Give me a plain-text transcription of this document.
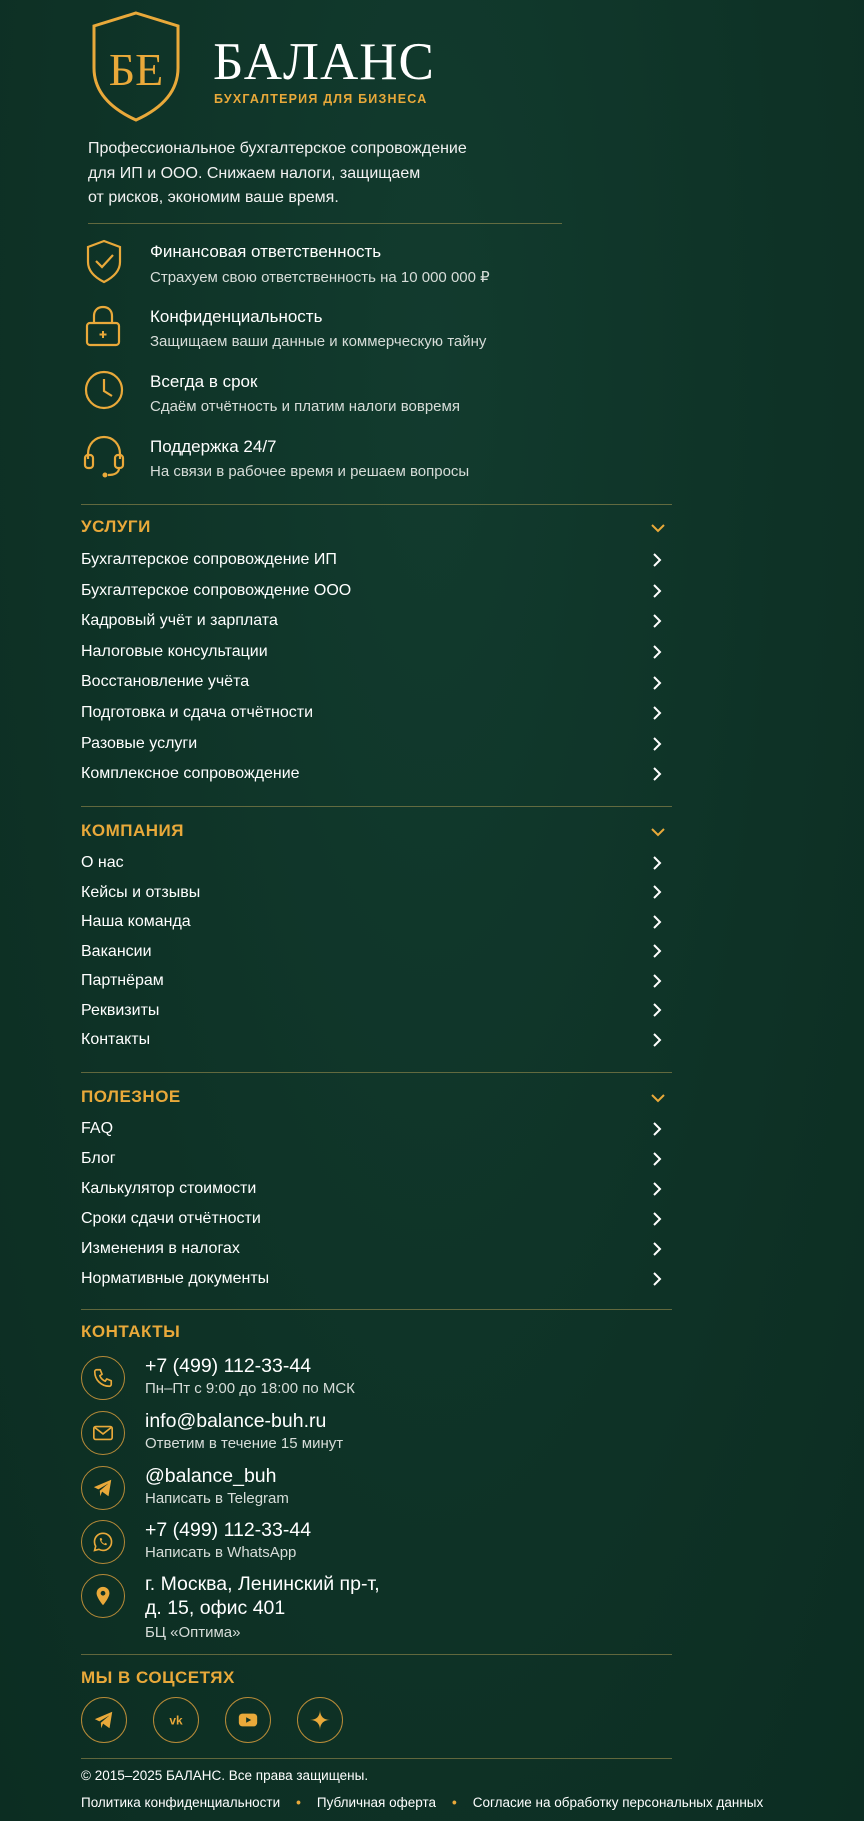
БЕ БАЛАНС
БУХГАЛТЕРИЯ ДЛЯ БИЗНЕСА
Профессиональное бухгалтерское сопровождение
для ИП и ООО. Снижаем налоги, защищаем
от рисков, экономим ваше время.
Финансовая ответственность
Страхуем свою ответственность на 10 000 000 ₽
Конфиденциальность
Защищаем ваши данные и коммерческую тайну
Всегда в срок
Сдаём отчётность и платим налоги вовремя
Поддержка 24/7
На связи в рабочее время и решаем вопросы
УСЛУГИ
Бухгалтерское сопровождение ИП
Бухгалтерское сопровождение ООО
Кадровый учёт и зарплата
Налоговые консультации
Восстановление учёта
Подготовка и сдача отчётности
Разовые услуги
Комплексное сопровождение
КОМПАНИЯ
О нас
Кейсы и отзывы
Наша команда
Вакансии
Партнёрам
Реквизиты
Контакты
ПОЛЕЗНОЕ
FAQ
Блог
Калькулятор стоимости
Сроки сдачи отчётности
Изменения в налогах
Нормативные документы
КОНТАКТЫ
+7 (499) 112-33-44
Пн–Пт с 9:00 до 18:00 по МСК
info@balance-buh.ru
Ответим в течение 15 минут
@balance_buh
Написать в Telegram
+7 (499) 112-33-44
Написать в WhatsApp
г. Москва, Ленинский пр-т,
д. 15, офис 401
БЦ «Оптима»
МЫ В СОЦСЕТЯХ
vk
© 2015–2025 БАЛАНС. Все права защищены.
Политика конфиденциальности • Публичная оферта • Согласие на обработку персональных данных
